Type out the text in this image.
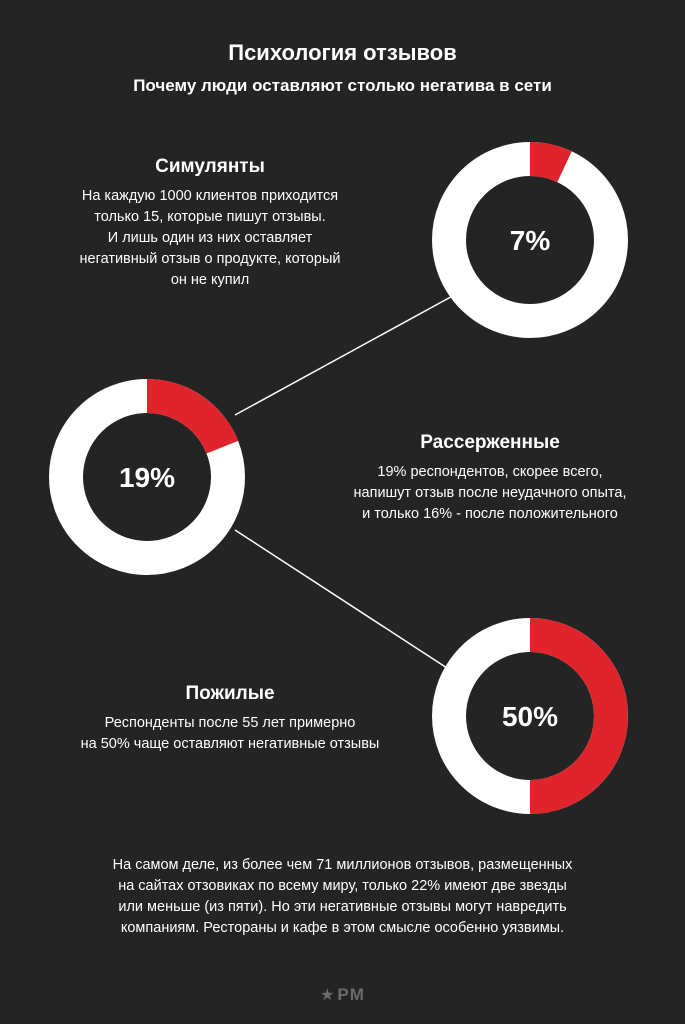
7%
19%
50%
Психология отзывов
Почему люди оставляют столько негатива в сети
Симулянты

На каждую 1000 клиентов приходится
только 15, которые пишут отзывы.
И лишь один из них оставляет
негативный отзыв о продукте, который
он не купил

Рассерженные

19% респондентов, скорее всего,
напишут отзыв после неудачного опыта,
и только 16% - после положительного

Пожилые

Респонденты после 55 лет примерно
на 50% чаще оставляют негативные отзывы

На самом деле, из более чем 71 миллионов отзывов, размещенных
на сайтах отзовиках по всему миру, только 22% имеют две звезды
или меньше (из пяти). Но эти негативные отзывы могут навредить
компаниям. Рестораны и кафе в этом смысле особенно уязвимы.

★ PM
